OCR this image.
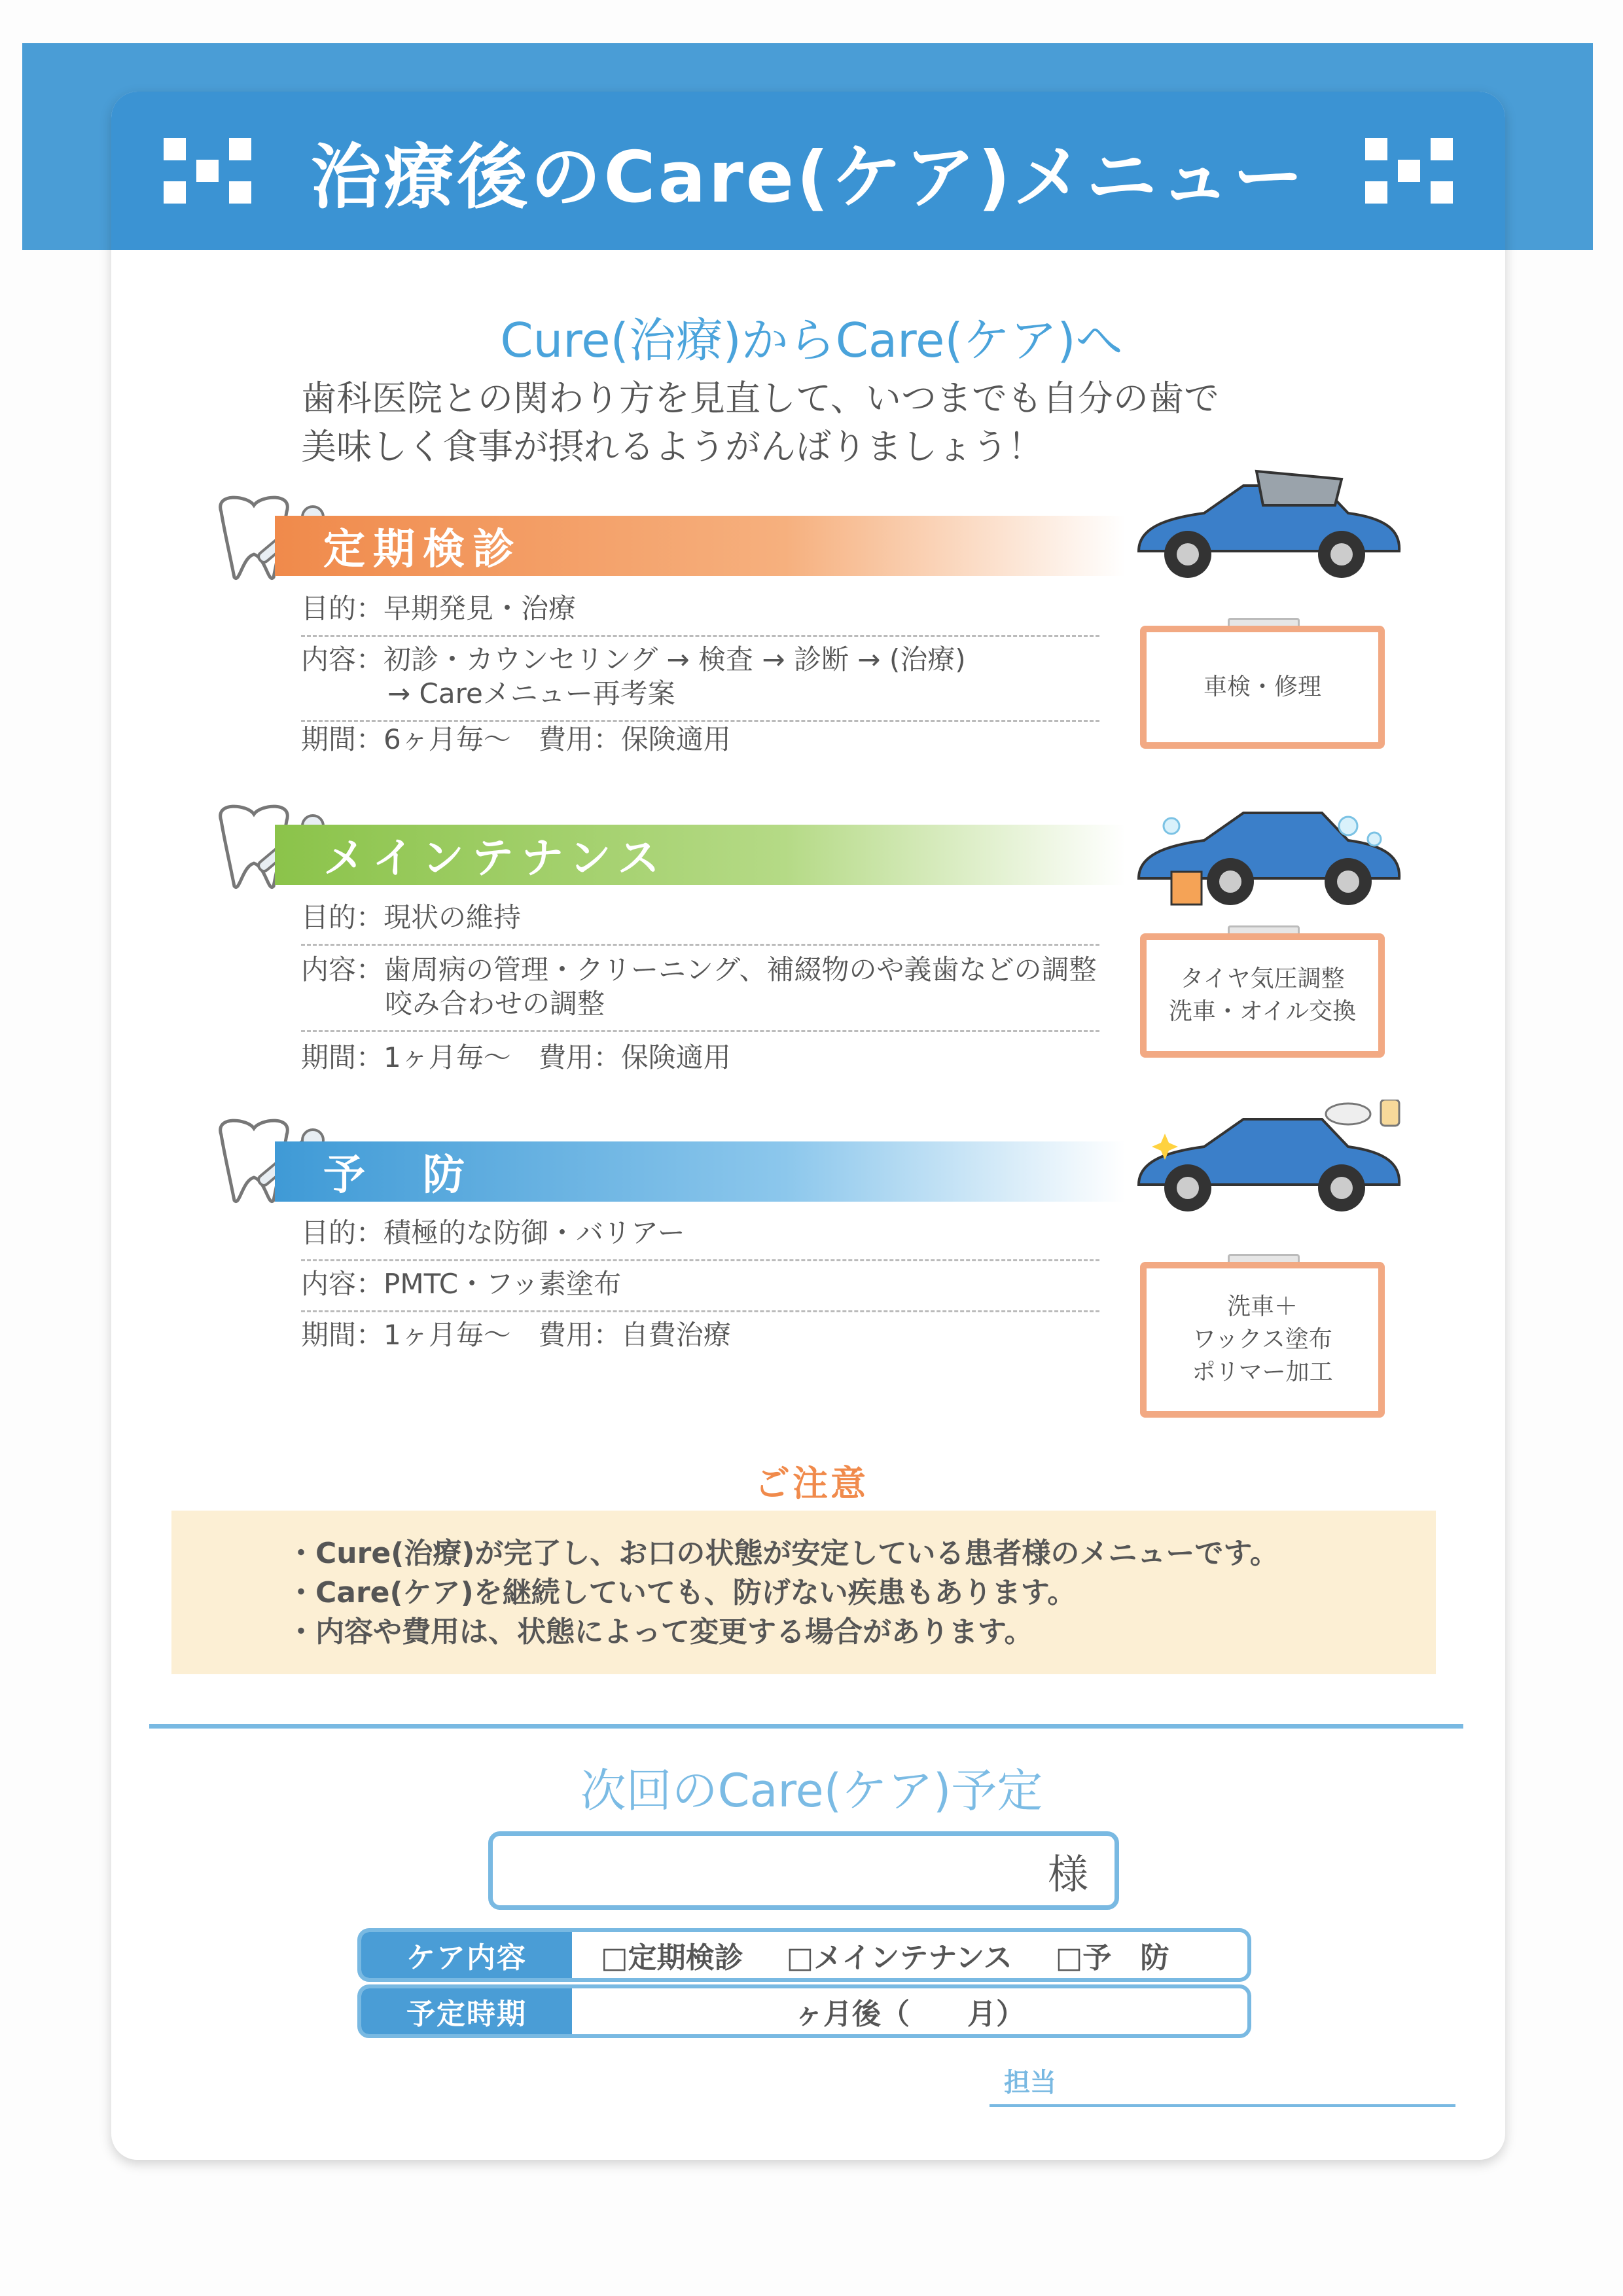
治療後のCare(ケア)メニュー
Cure(治療)からCare(ケア)へ
歯科医院との関わり方を見直して、いつまでも自分の歯で
美味しく食事が摂れるようがんばりましょう！
定期検診
目的：早期発見・治療
内容：初診・カウンセリング → 検査 → 診断 → (治療)
→ Careメニュー再考案
期間：6ヶ月毎～　費用：保険適用
車検・修理
メインテナンス
目的：現状の維持
内容：歯周病の管理・クリーニング、補綴物のや義歯などの調整
咬み合わせの調整
期間：1ヶ月毎～　費用：保険適用
タイヤ気圧調整
洗車・オイル交換
予　防
目的：積極的な防御・バリアー
内容：PMTC・フッ素塗布
期間：1ヶ月毎～　費用：自費治療
洗車＋
ワックス塗布
ポリマー加工
ご注意
・Cure(治療)が完了し、お口の状態が安定している患者様のメニューです。
・Care(ケア)を継続していても、防げない疾患もあります。
・内容や費用は、状態によって変更する場合があります。
次回のCare(ケア)予定
様
ケア内容	□定期検診 □メインテナンス □予　防
予定時期	ヶ月後（　　月）
担当
